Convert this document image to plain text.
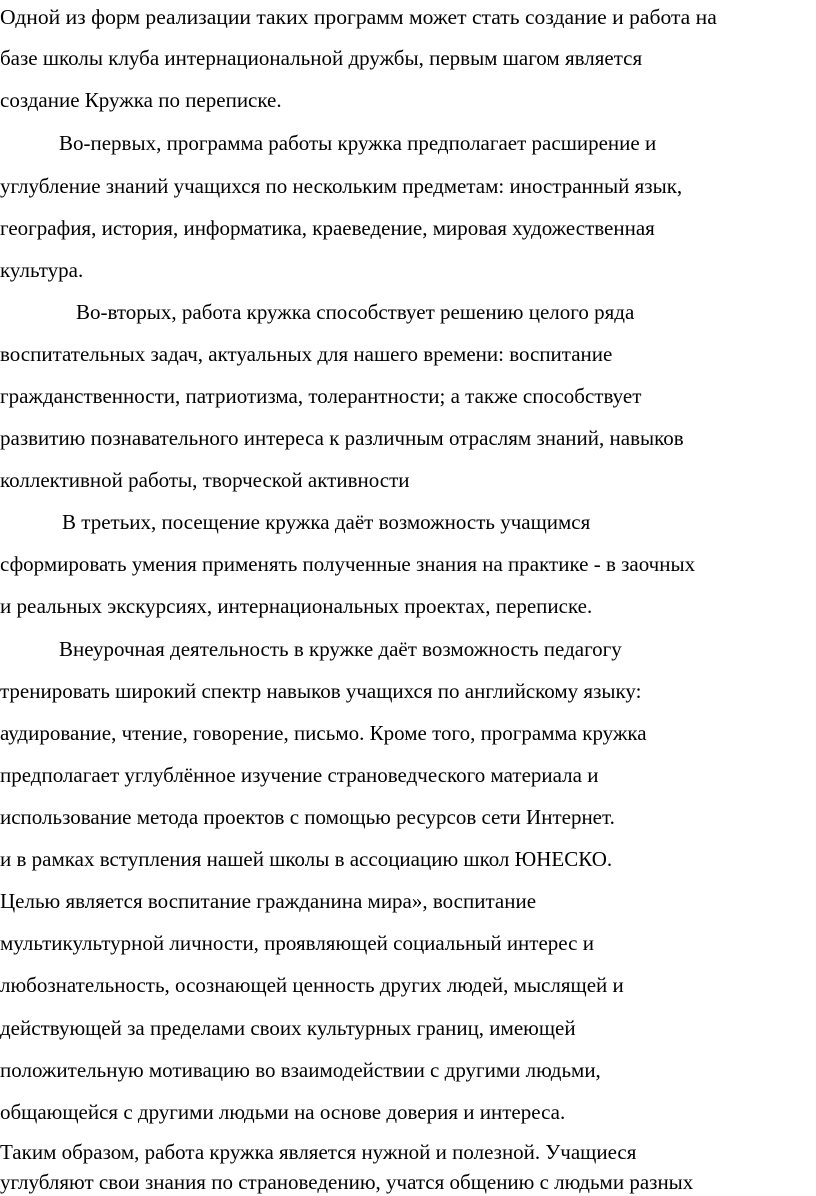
Одной из форм реализации таких программ может стать создание и работа на
базе школы клуба интернациональной дружбы, первым шагом является
создание Кружка по переписке.
Во-первых, программа работы кружка предполагает расширение и
углубление знаний учащихся по нескольким предметам: иностранный язык,
география, история, информатика, краеведение, мировая художественная
культура.
Во-вторых, работа кружка способствует решению целого ряда
воспитательных задач, актуальных для нашего времени: воспитание
гражданственности, патриотизма, толерантности; а также способствует
развитию познавательного интереса к различным отраслям знаний, навыков
коллективной работы, творческой активности
В третьих, посещение кружка даёт возможность учащимся
сформировать умения применять полученные знания на практике - в заочных
и реальных экскурсиях, интернациональных проектах, переписке.
Внеурочная деятельность в кружке даёт возможность педагогу
тренировать широкий спектр навыков учащихся по английскому языку:
аудирование, чтение, говорение, письмо. Кроме того, программа кружка
предполагает углублённое изучение страноведческого материала и
использование метода проектов с помощью ресурсов сети Интернет.
и в рамках вступления нашей школы в ассоциацию школ ЮНЕСКО.
Целью является воспитание гражданина мира», воспитание
мультикультурной личности, проявляющей социальный интерес и
любознательность, осознающей ценность других людей, мыслящей и
действующей за пределами своих культурных границ, имеющей
положительную мотивацию во взаимодействии с другими людьми,
общающейся с другими людьми на основе доверия и интереса.
Таким образом, работа кружка является нужной и полезной. Учащиеся
углубляют свои знания по страноведению, учатся общению с людьми разных
